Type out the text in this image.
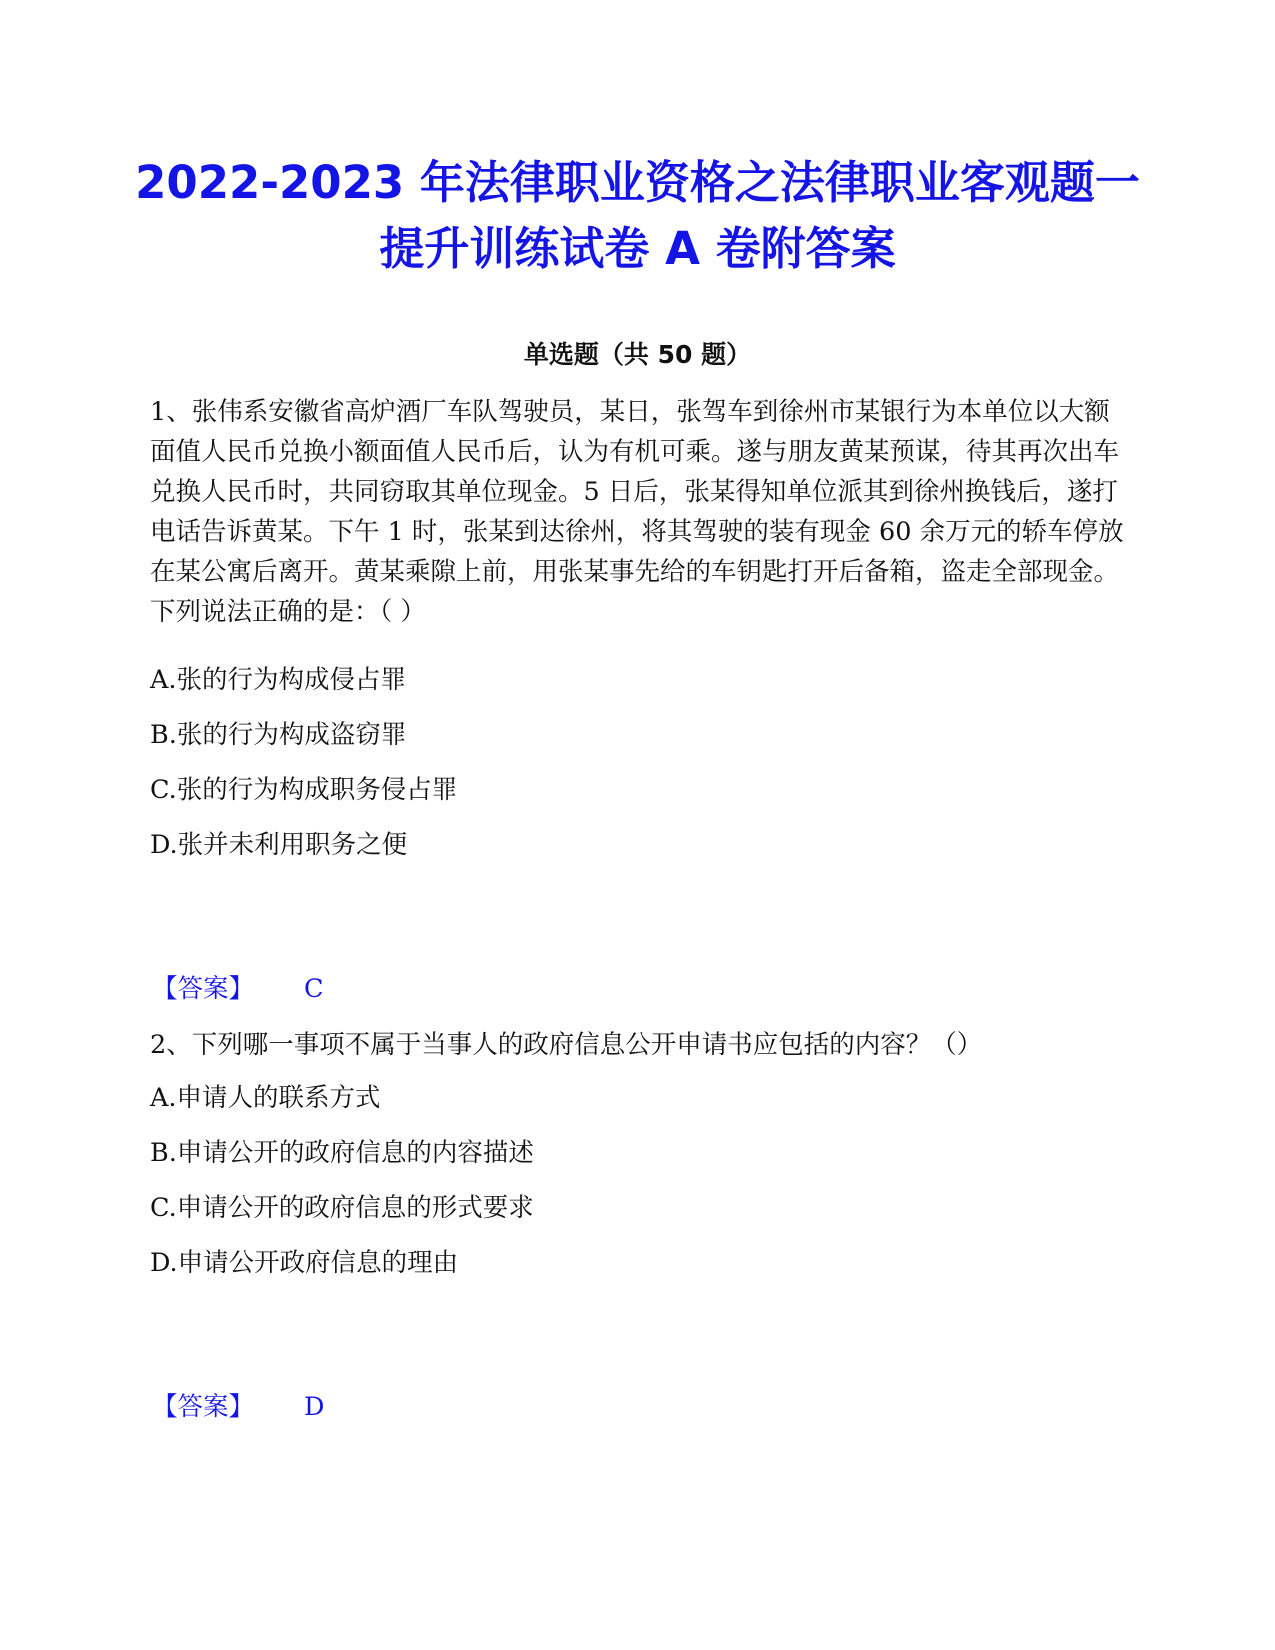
2022-2023 年法律职业资格之法律职业客观题一提升训练试卷 A 卷附答案
单选题（共 50 题）
1、张伟系安徽省高炉酒厂车队驾驶员，某日，张驾车到徐州市某银行为本单位以大额面值人民币兑换小额面值人民币后，认为有机可乘。遂与朋友黄某预谋，待其再次出车兑换人民币时，共同窃取其单位现金。5 日后，张某得知单位派其到徐州换钱后，遂打电话告诉黄某。下午 1 时，张某到达徐州，将其驾驶的装有现金 60 余万元的轿车停放在某公寓后离开。黄某乘隙上前，用张某事先给的车钥匙打开后备箱，盗走全部现金。下列说法正确的是：（ ）
A.张的行为构成侵占罪
B.张的行为构成盗窃罪
C.张的行为构成职务侵占罪
D.张并未利用职务之便
【答案】 C
2、下列哪一事项不属于当事人的政府信息公开申请书应包括的内容？（）
A.申请人的联系方式
B.申请公开的政府信息的内容描述
C.申请公开的政府信息的形式要求
D.申请公开政府信息的理由
【答案】 D
